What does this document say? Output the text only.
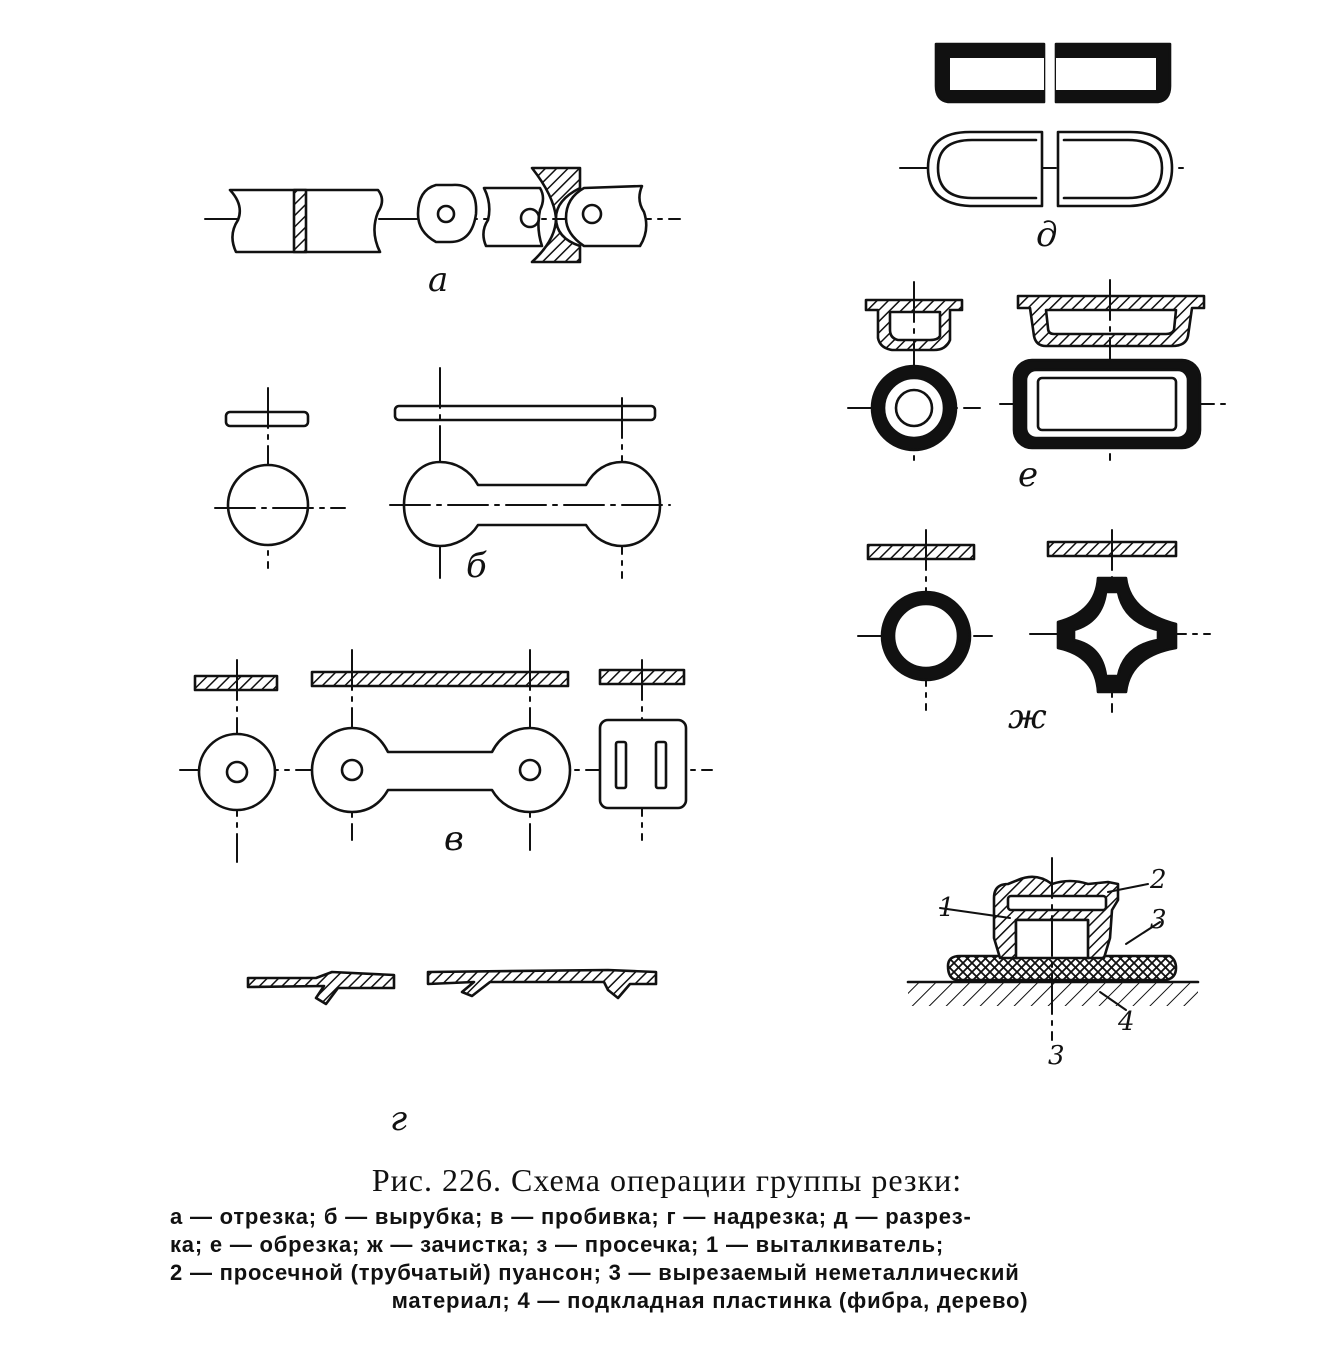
а
б
в
г
д
е
ж
1
2
3
4
3
Рис. 226. Схема операции группы резки:

а — отрезка; б — вырубка; в — пробивка; г — надрезка; д — разрез-

ка; е — обрезка; ж — зачистка; з — просечка; 1 — выталкиватель;

2 — просечной (трубчатый) пуансон; 3 — вырезаемый неметаллический

материал; 4 — подкладная пластинка (фибра, дерево)
